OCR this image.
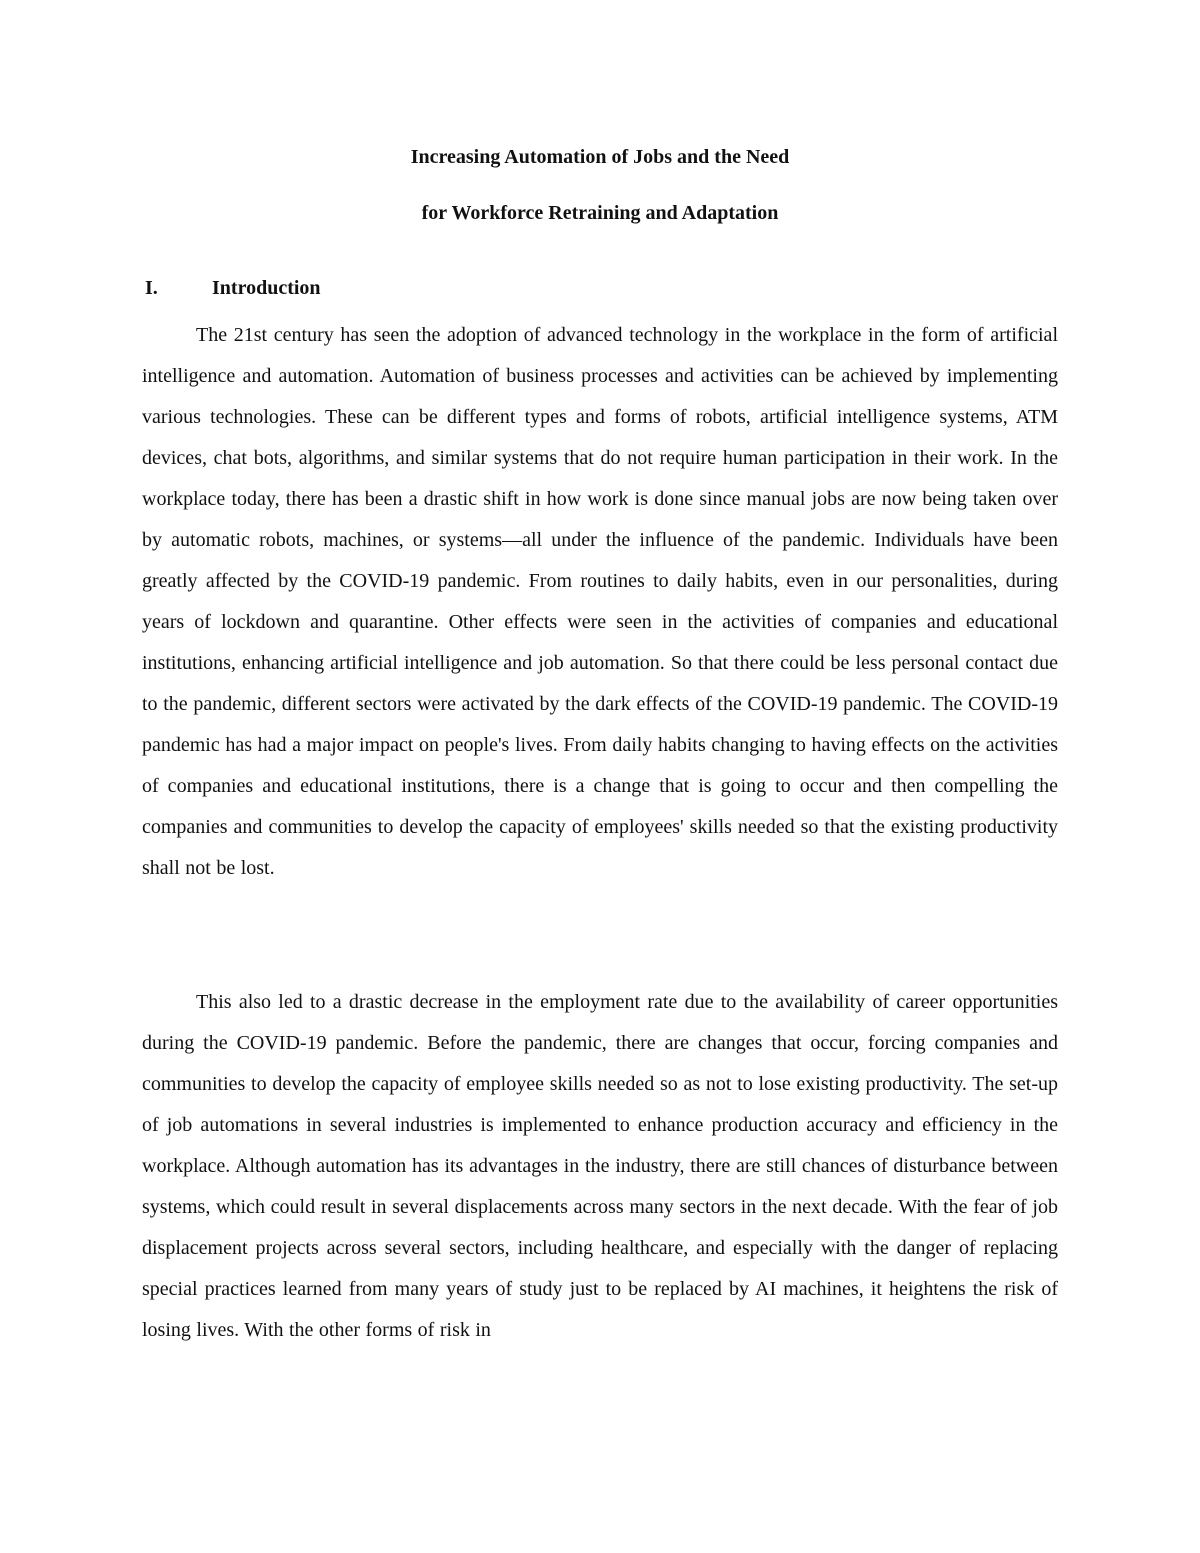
Increasing Automation of Jobs and the Need
for Workforce Retraining and Adaptation
I.	Introduction

The 21st century has seen the adoption of advanced technology in the workplace in the form of artificial intelligence and automation. Automation of business processes and activities can be achieved by implementing various technologies. These can be different types and forms of robots, artificial intelligence systems, ATM devices, chat bots, algorithms, and similar systems that do not require human participation in their work. In the workplace today, there has been a drastic shift in how work is done since manual jobs are now being taken over by automatic robots, machines, or systems—all under the influence of the pandemic. Individuals have been greatly affected by the COVID-19 pandemic. From routines to daily habits, even in our personalities, during years of lockdown and quarantine. Other effects were seen in the activities of companies and educational institutions, enhancing artificial intelligence and job automation. So that there could be less personal contact due to the pandemic, different sectors were activated by the dark effects of the COVID-19 pandemic. The COVID-19 pandemic has had a major impact on people's lives. From daily habits changing to having effects on the activities of companies and educational institutions, there is a change that is going to occur and then compelling the companies and communities to develop the capacity of employees' skills needed so that the existing productivity shall not be lost.

This also led to a drastic decrease in the employment rate due to the availability of career opportunities during the COVID-19 pandemic. Before the pandemic, there are changes that occur, forcing companies and communities to develop the capacity of employee skills needed so as not to lose existing productivity. The set-up of job automations in several industries is implemented to enhance production accuracy and efficiency in the workplace. Although automation has its advantages in the industry, there are still chances of disturbance between systems, which could result in several displacements across many sectors in the next decade. With the fear of job displacement projects across several sectors, including healthcare, and especially with the danger of replacing special practices learned from many years of study just to be replaced by AI machines, it heightens the risk of losing lives. With the other forms of risk in
